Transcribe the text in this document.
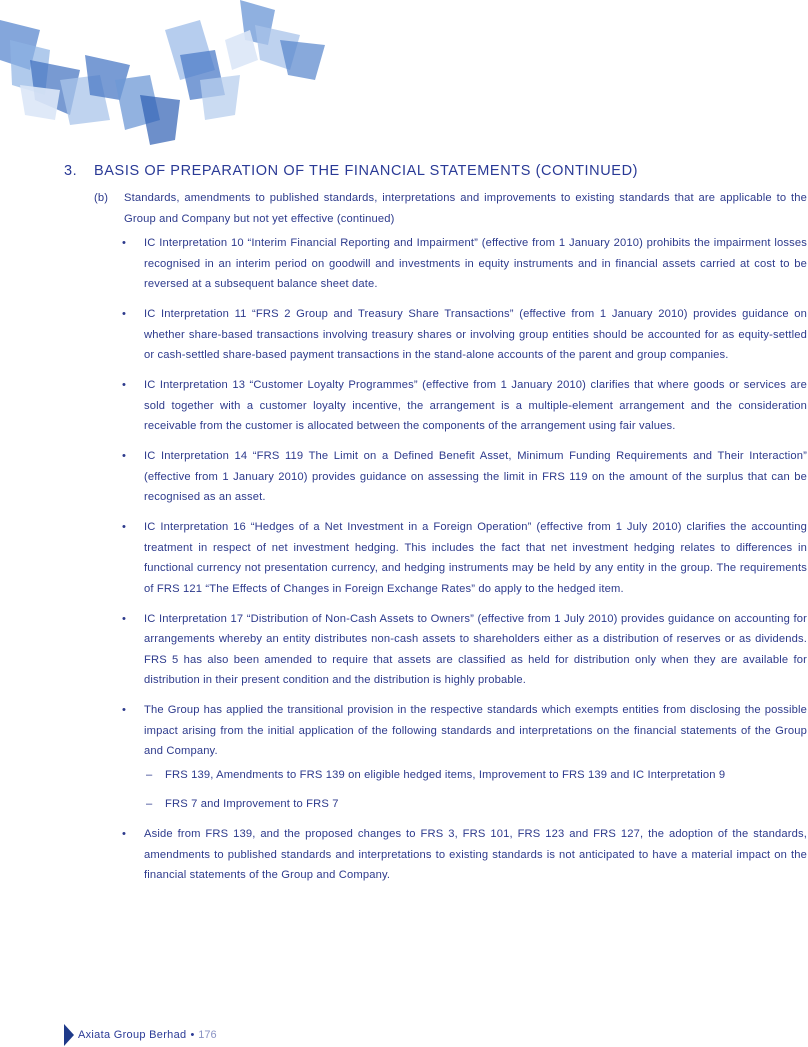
3. BASIS OF PREPARATION OF THE FINANCIAL STATEMENTS (CONTINUED)
(b) Standards, amendments to published standards, interpretations and improvements to existing standards that are applicable to the Group and Company but not yet effective (continued)
• IC Interpretation 10 “Interim Financial Reporting and Impairment” (effective from 1 January 2010) prohibits the impairment losses recognised in an interim period on goodwill and investments in equity instruments and in financial assets carried at cost to be reversed at a subsequent balance sheet date.
• IC Interpretation 11 “FRS 2 Group and Treasury Share Transactions” (effective from 1 January 2010) provides guidance on whether share-based transactions involving treasury shares or involving group entities should be accounted for as equity-settled or cash-settled share-based payment transactions in the stand-alone accounts of the parent and group companies.
• IC Interpretation 13 “Customer Loyalty Programmes” (effective from 1 January 2010) clarifies that where goods or services are sold together with a customer loyalty incentive, the arrangement is a multiple-element arrangement and the consideration receivable from the customer is allocated between the components of the arrangement using fair values.
• IC Interpretation 14 “FRS 119 The Limit on a Defined Benefit Asset, Minimum Funding Requirements and Their Interaction” (effective from 1 January 2010) provides guidance on assessing the limit in FRS 119 on the amount of the surplus that can be recognised as an asset.
• IC Interpretation 16 “Hedges of a Net Investment in a Foreign Operation” (effective from 1 July 2010) clarifies the accounting treatment in respect of net investment hedging. This includes the fact that net investment hedging relates to differences in functional currency not presentation currency, and hedging instruments may be held by any entity in the group. The requirements of FRS 121 “The Effects of Changes in Foreign Exchange Rates” do apply to the hedged item.
• IC Interpretation 17 “Distribution of Non-Cash Assets to Owners” (effective from 1 July 2010) provides guidance on accounting for arrangements whereby an entity distributes non-cash assets to shareholders either as a distribution of reserves or as dividends. FRS 5 has also been amended to require that assets are classified as held for distribution only when they are available for distribution in their present condition and the distribution is highly probable.
• The Group has applied the transitional provision in the respective standards which exempts entities from disclosing the possible impact arising from the initial application of the following standards and interpretations on the financial statements of the Group and Company.
– FRS 139, Amendments to FRS 139 on eligible hedged items, Improvement to FRS 139 and IC Interpretation 9
– FRS 7 and Improvement to FRS 7
• Aside from FRS 139, and the proposed changes to FRS 3, FRS 101, FRS 123 and FRS 127, the adoption of the standards, amendments to published standards and interpretations to existing standards is not anticipated to have a material impact on the financial statements of the Group and Company.
Axiata Group Berhad • 176
